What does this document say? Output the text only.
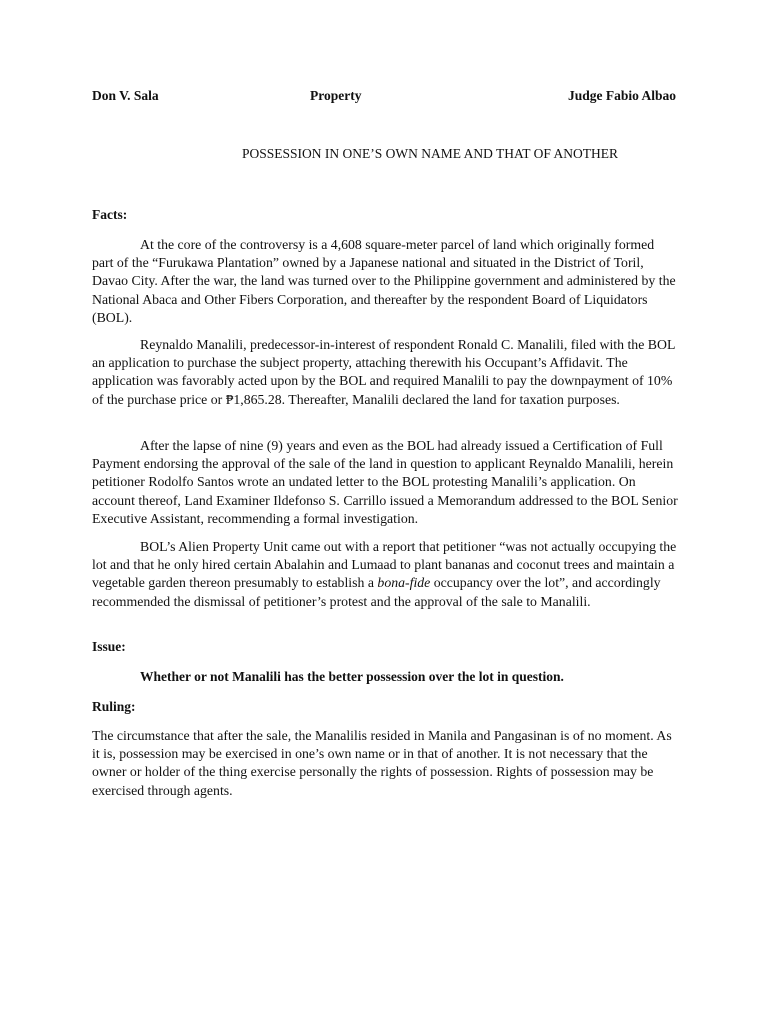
Don V. Sala	Property	Judge Fabio Albao
POSSESSION IN ONE’S OWN NAME AND THAT OF ANOTHER
Facts:

At the core of the controversy is a 4,608 square-meter parcel of land which originally formed part of the “Furukawa Plantation” owned by a Japanese national and situated in the District of Toril, Davao City. After the war, the land was turned over to the Philippine government and administered by the National Abaca and Other Fibers Corporation, and thereafter by the respondent Board of Liquidators (BOL).

Reynaldo Manalili, predecessor-in-interest of respondent Ronald C. Manalili, filed with the BOL an application to purchase the subject property, attaching therewith his Occupant’s Affidavit. The application was favorably acted upon by the BOL and required Manalili to pay the downpayment of 10% of the purchase price or ₱1,865.28. Thereafter, Manalili declared the land for taxation purposes.

After the lapse of nine (9) years and even as the BOL had already issued a Certification of Full Payment endorsing the approval of the sale of the land in question to applicant Reynaldo Manalili, herein petitioner Rodolfo Santos wrote an undated letter to the BOL protesting Manalili’s application. On account thereof, Land Examiner Ildefonso S. Carrillo issued a Memorandum addressed to the BOL Senior Executive Assistant, recommending a formal investigation.

BOL’s Alien Property Unit came out with a report that petitioner “was not actually occupying the lot and that he only hired certain Abalahin and Lumaad to plant bananas and coconut trees and maintain a vegetable garden thereon presumably to establish a bona-fide occupancy over the lot”, and accordingly recommended the dismissal of petitioner’s protest and the approval of the sale to Manalili.

Issue:
Whether or not Manalili has the better possession over the lot in question.
Ruling:

The circumstance that after the sale, the Manalilis resided in Manila and Pangasinan is of no moment. As it is, possession may be exercised in one’s own name or in that of another. It is not necessary that the owner or holder of the thing exercise personally the rights of possession. Rights of possession may be exercised through agents.
